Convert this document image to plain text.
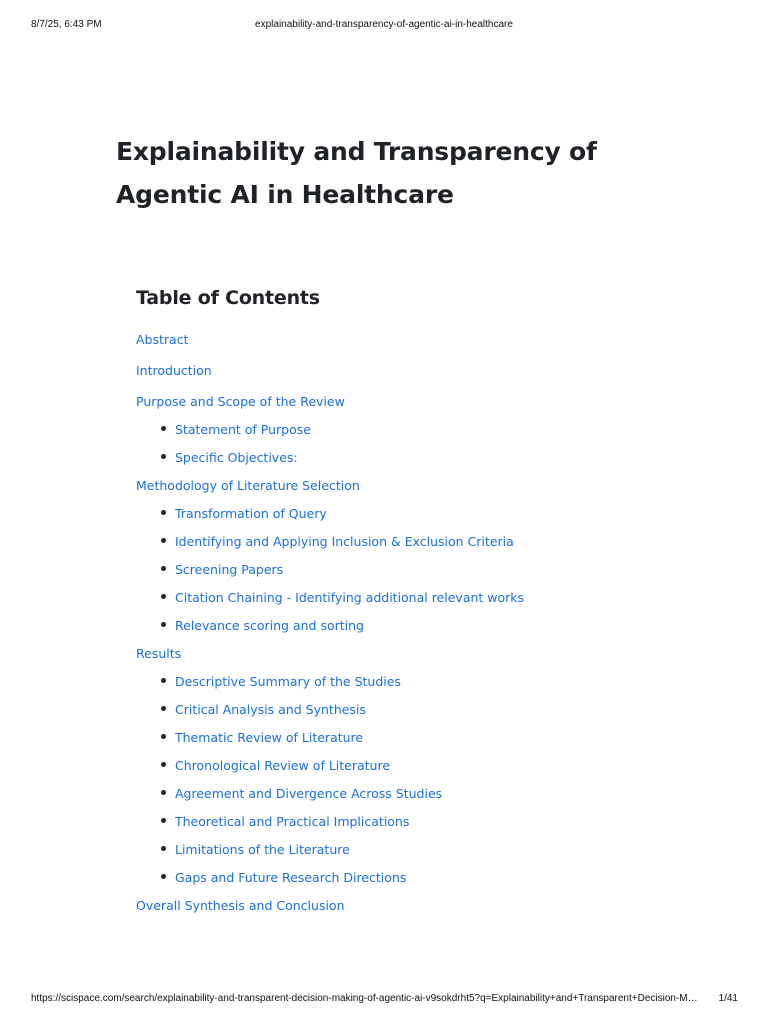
8/7/25, 6:43 PM	explainability-and-transparency-of-agentic-ai-in-healthcare
Explainability and Transparency of Agentic AI in Healthcare
Table of Contents
Abstract
Introduction
Purpose and Scope of the Review
Statement of Purpose
Specific Objectives:
Methodology of Literature Selection
Transformation of Query
Identifying and Applying Inclusion & Exclusion Criteria
Screening Papers
Citation Chaining - Identifying additional relevant works
Relevance scoring and sorting
Results
Descriptive Summary of the Studies
Critical Analysis and Synthesis
Thematic Review of Literature
Chronological Review of Literature
Agreement and Divergence Across Studies
Theoretical and Practical Implications
Limitations of the Literature
Gaps and Future Research Directions
Overall Synthesis and Conclusion
https://scispace.com/search/explainability-and-transparent-decision-making-of-agentic-ai-v9sokdrht5?q=Explainability+and+Transparent+Decision-M…	1/41
